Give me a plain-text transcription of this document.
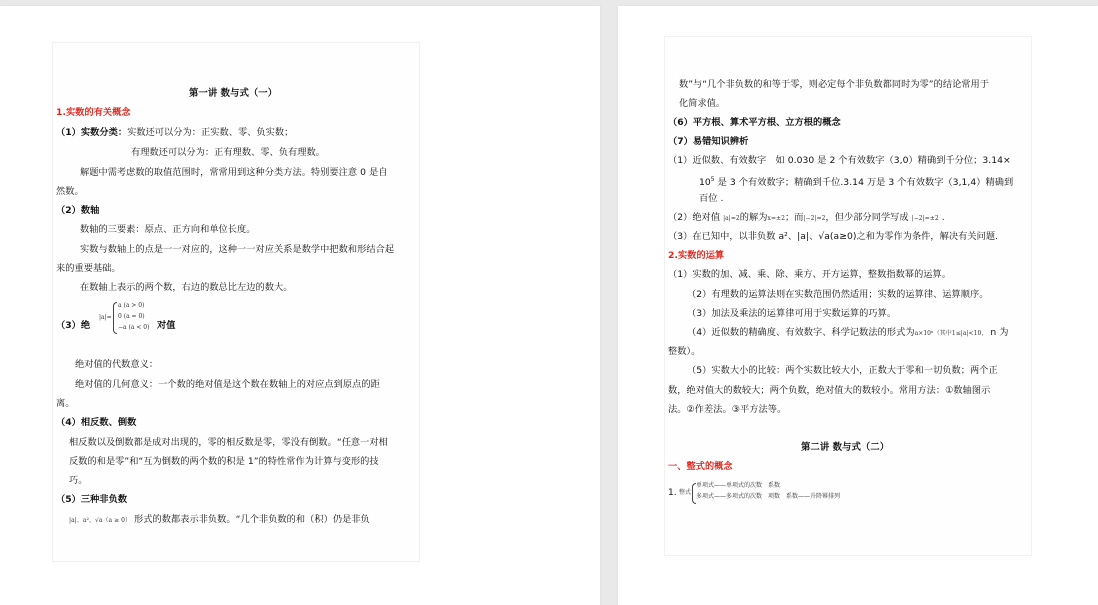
第一讲 数与式（一）
1.实数的有关概念
（1）实数分类：实数还可以分为：正实数、零、负实数；
有理数还可以分为：正有理数、零、负有理数。
解题中需考虑数的取值范围时，常常用到这种分类方法。特别要注意 0 是自
然数。
（2）数轴
数轴的三要素：原点、正方向和单位长度。
实数与数轴上的点是一一对应的，这种一一对应关系是数学中把数和形结合起
来的重要基础。
在数轴上表示的两个数，右边的数总比左边的数大。
（3）绝
|a|=
a (a > 0)
0 (a = 0)
−a (a < 0) 对值
绝对值的代数意义：
绝对值的几何意义：一个数的绝对值是这个数在数轴上的对应点到原点的距
离。
（4）相反数、倒数
相反数以及倒数都是成对出现的，零的相反数是零，零没有倒数。“任意一对相
反数的和是零”和“互为倒数的两个数的积是 1”的特性常作为计算与变形的技
巧。
（5）三种非负数
|a|、a²、√a（a ≥ 0） 形式的数都表示非负数。“几个非负数的和（积）仍是非负
数”与“几个非负数的和等于零，则必定每个非负数都同时为零”的结论常用于
化简求值。
（6）平方根、算术平方根、立方根的概念
（7）易错知识辨析
（1）近似数、有效数字　如 0.030 是 2 个有效数字（3,0）精确到千分位；3.14×
$10^5$ 是 3 个有效数字；精确到千位.3.14 万是 3 个有效数字（3,1,4）精确到
百位 .
（2）绝对值 |a|=2的解为x=±2；而|−2|=2，但少部分同学写成 |−2|=±2 .
（3）在已知中，以非负数 a²、|a|、√a(a≥0)之和为零作为条件，解决有关问题.
2.实数的运算
（1）实数的加、减、乘、除、乘方、开方运算，整数指数幂的运算。
（2）有理数的运算法则在实数范围仍然适用；实数的运算律、运算顺序。
（3）加法及乘法的运算律可用于实数运算的巧算。
（4）近似数的精确度、有效数字、科学记数法的形式为a×10ⁿ（其中1≤|a|<10， n 为
整数）。
（5）实数大小的比较：两个实数比较大小，正数大于零和一切负数；两个正
数，绝对值大的数较大；两个负数，绝对值大的数较小。常用方法：①数轴图示
法。②作差法。③平方法等。
第二讲 数与式（二）
一、整式的概念
1. 整式
单项式——单项式的次数　系数
多项式——多项式的次数　项数　系数——升降幂排列
